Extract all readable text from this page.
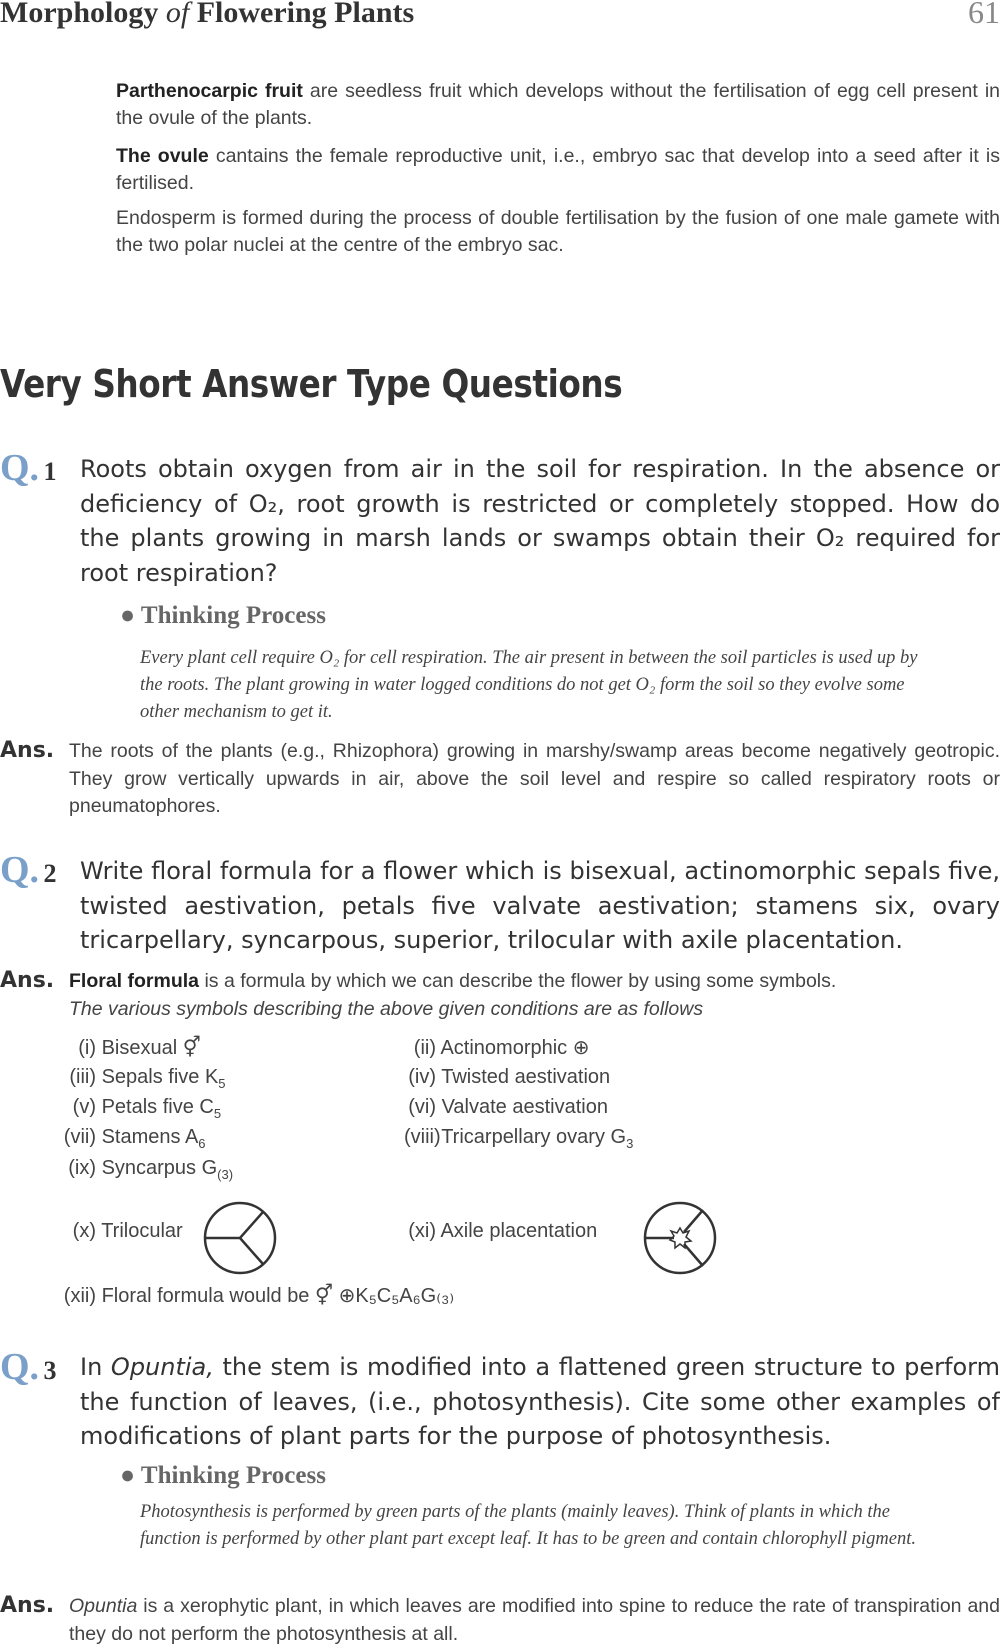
Morphology of Flowering Plants	61
Parthenocarpic fruit are seedless fruit which develops without the fertilisation of egg cell present in the ovule of the plants.
The ovule cantains the female reproductive unit, i.e., embryo sac that develop into a seed after it is fertilised.
Endosperm is formed during the process of double fertilisation by the fusion of one male gamete with the two polar nuclei at the centre of the embryo sac.
Very Short Answer Type Questions
Q. 1 Roots obtain oxygen from air in the soil for respiration. In the absence or deficiency of O₂, root growth is restricted or completely stopped. How do the plants growing in marsh lands or swamps obtain their O₂ required for root respiration?
● Thinking Process
Every plant cell require O₂ for cell respiration. The air present in between the soil particles is used up by the roots. The plant growing in water logged conditions do not get O₂ form the soil so they evolve some other mechanism to get it.
Ans. The roots of the plants (e.g., Rhizophora) growing in marshy/swamp areas become negatively geotropic. They grow vertically upwards in air, above the soil level and respire so called respiratory roots or pneumatophores.
Q. 2 Write floral formula for a flower which is bisexual, actinomorphic sepals five, twisted aestivation, petals five valvate aestivation; stamens six, ovary tricarpellary, syncarpous, superior, trilocular with axile placentation.
Ans. Floral formula is a formula by which we can describe the flower by using some symbols.
The various symbols describing the above given conditions are as follows
(i) Bisexual ⚥	(ii) Actinomorphic ⊕
(iii) Sepals five $K_5$	(iv) Twisted aestivation
(v) Petals five $C_5$	(vi) Valvate aestivation
(vii) Stamens $A_6$	(viii) Tricarpellary ovary $G_3$
(ix) Syncarpus $G_{(3)}$
(x) Trilocular	(xi) Axile placentation
(xii) Floral formula would be ⚥ ⊕K₅C₅A₆G₍₃₎
Q. 3 In Opuntia, the stem is modified into a flattened green structure to perform the function of leaves, (i.e., photosynthesis). Cite some other examples of modifications of plant parts for the purpose of photosynthesis.
● Thinking Process
Photosynthesis is performed by green parts of the plants (mainly leaves). Think of plants in which the function is performed by other plant part except leaf. It has to be green and contain chlorophyll pigment.
Ans. Opuntia is a xerophytic plant, in which leaves are modified into spine to reduce the rate of transpiration and they do not perform the photosynthesis at all.
